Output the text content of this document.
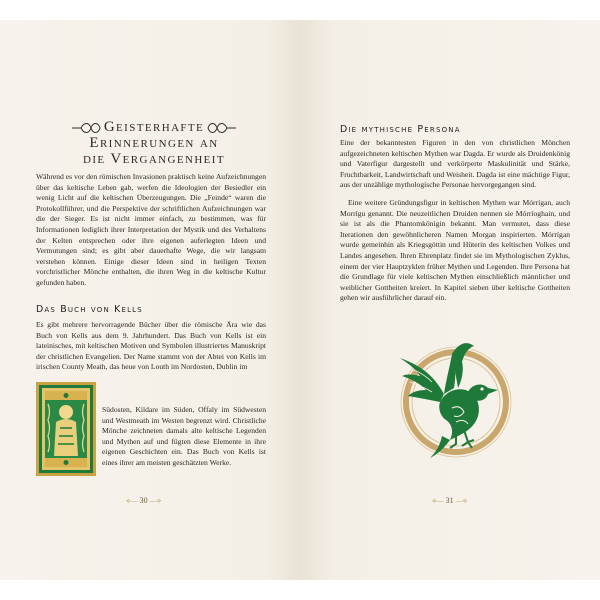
Geisterhafte

Erinnerungen an

die Vergangenheit

Während es vor den römischen Invasionen praktisch keine Aufzeichnungen über das keltische Leben gab, werfen die Ideologien der Besiedler ein wenig Licht auf die keltischen Überzeugungen. Die „Feinde“ waren die Protokollführer, und die Perspektive der schriftlichen Aufzeichnungen war die der Sieger. Es ist nicht immer einfach, zu bestimmen, was für Informationen lediglich ihrer Interpretation der Mystik und des Verhaltens der Kelten entsprechen oder ihre eigenen auferlegten Ideen und Vermutungen sind; es gibt aber dauerhafte Wege, die wir langsam verstehen können. Einige dieser Ideen sind in heiligen Texten vorchristlicher Mönche enthalten, die ihren Weg in die keltische Kultur gefunden haben.

Das Buch von Kells

Es gibt mehrere hervorragende Bücher über die römische Ära wie das Buch von Kells aus dem 9. Jahrhundert. Das Buch von Kells ist ein lateinisches, mit keltischen Motiven und Symbolen illustriertes Manuskript der christlichen Evangelien. Der Name stammt von der Abtei von Kells im irischen County Meath, das heue von Louth im Nordosten, Dublin im

Südosten, Kildare im Süden, Offaly im Südwesten und Westmeath im Westen begrenzt wird. Christliche Mönche zeichneten damals alte keltische Legenden und Mythen auf und fügten diese Elemente in ihre eigenen Geschichten ein. Das Buch von Kells ist eines ihrer am meisten geschätzten Werke.

⟡― 30 ―⟡

Die mythische Persona

Eine der bekanntesten Figuren in den von christlichen Mönchen aufgezeichneten keltischen Mythen war Dagda. Er wurde als Druidenkönig und Vaterfigur dargestellt und verkörperte Maskulinität und Stärke, Fruchtbarkeit, Landwirtschaft und Weisheit. Dagda ist eine mächtige Figur, aus der unzählige mythologische Personae hervorgegangen sind.

Eine weitere Gründungsfigur in keltischen Mythen war Mórrígan, auch Morrígu genannt. Die neuzeitlichen Druiden nennen sie Mórríoghain, und sie ist als die Phantomkönigin bekannt. Man vermutet, dass diese Iterationen den gewöhnlicheren Namen Morgan inspirierten. Mórrígan wurde gemeinhin als Kriegsgöttin und Hüterin des keltischen Volkes und Landes angesehen. Ihren Ehrenplatz findet sie im Mythologischen Zyklus, einem der vier Hauptzyklen früher Mythen und Legenden. Ihre Persona hat die Grundlage für viele keltischen Mythen einschließlich männlicher und weiblicher Gottheiten kreiert. In Kapitel sieben über keltische Gottheiten gehen wir ausführlicher darauf ein.

⟡― 31 ―⟡
